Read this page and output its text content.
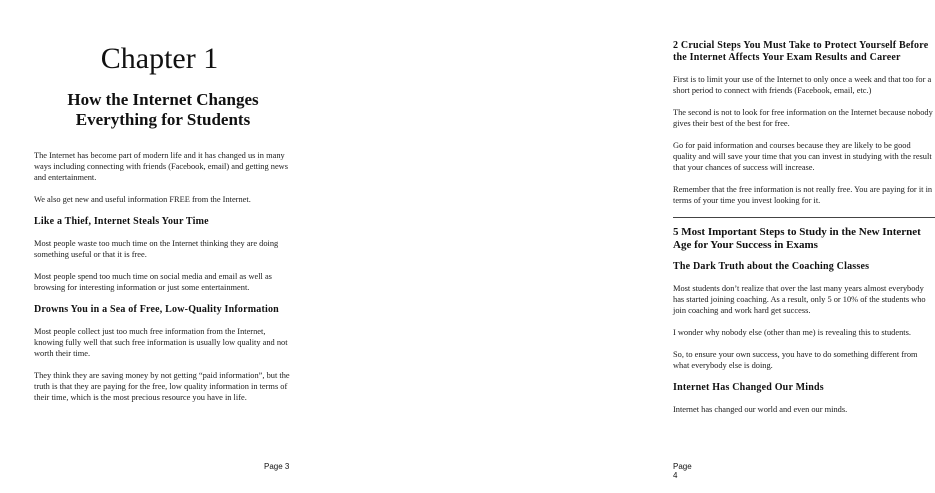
Chapter 1
How the Internet Changes Everything for Students

The Internet has become part of modern life and it has changed us in many ways including connecting with friends (Facebook, email) and getting news and entertainment.

We also get new and useful information FREE from the Internet.

Like a Thief, Internet Steals Your Time

Most people waste too much time on the Internet thinking they are doing something useful or that it is free.

Most people spend too much time on social media and email as well as browsing for interesting information or just some entertainment.

Drowns You in a Sea of Free, Low-Quality Information

Most people collect just too much free information from the Internet, knowing fully well that such free information is usually low quality and not worth their time.

They think they are saving money by not getting “paid information”, but the truth is that they are paying for the free, low quality information in terms of their time, which is the most precious resource you have in life.

Page 3
2 Crucial Steps You Must Take to Protect Yourself Before the Internet Affects Your Exam Results and Career

First is to limit your use of the Internet to only once a week and that too for a short period to connect with friends (Facebook, email, etc.)

The second is not to look for free information on the Internet because nobody gives their best of the best for free.

Go for paid information and courses because they are likely to be good quality and will save your time that you can invest in studying with the result that your chances of success will increase.

Remember that the free information is not really free. You are paying for it in terms of your time you invest looking for it.

5 Most Important Steps to Study in the New Internet Age for Your Success in Exams
The Dark Truth about the Coaching Classes

Most students don’t realize that over the last many years almost everybody has started joining coaching. As a result, only 5 or 10% of the students who join coaching and work hard get success.

I wonder why nobody else (other than me) is revealing this to students.

So, to ensure your own success, you have to do something different from what everybody else is doing.

Internet Has Changed Our Minds

Internet has changed our world and even our minds.

Page 4
